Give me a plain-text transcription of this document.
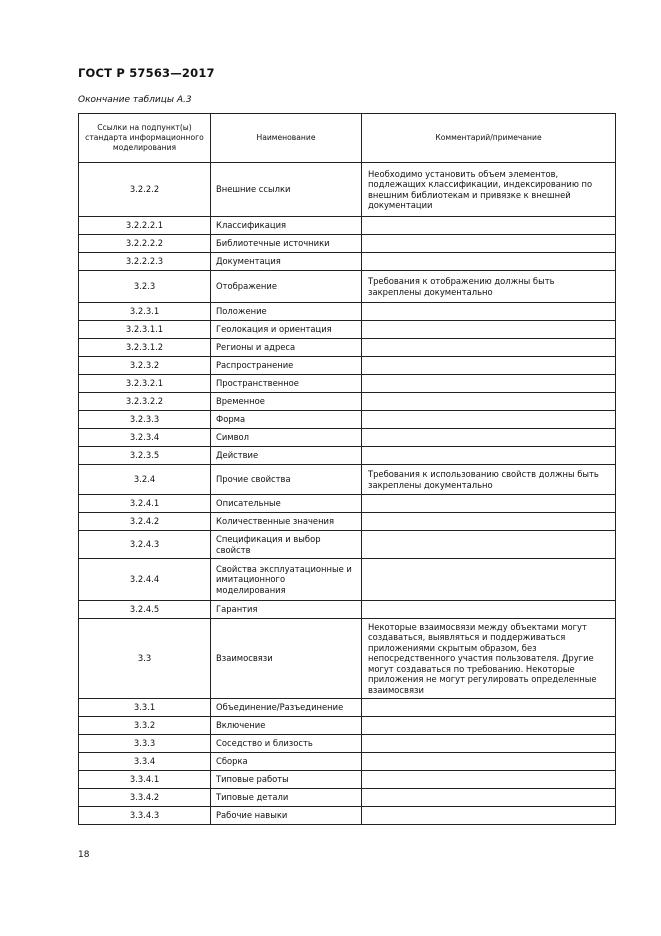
ГОСТ Р 57563—2017
Окончание таблицы А.3
Ссылки на подпункт(ы) стандарта информационного моделирования	Наименование	Комментарий/примечание
3.2.2.2	Внешние ссылки	Необходимо установить объем элементов, подлежащих классификации, индексированию по внешним библиотекам и привязке к внешней документации
3.2.2.2.1	Классификация	
3.2.2.2.2	Библиотечные источники	
3.2.2.2.3	Документация	
3.2.3	Отображение	Требования к отображению должны быть закреплены документально
3.2.3.1	Положение	
3.2.3.1.1	Геолокация и ориентация	
3.2.3.1.2	Регионы и адреса	
3.2.3.2	Распространение	
3.2.3.2.1	Пространственное	
3.2.3.2.2	Временное	
3.2.3.3	Форма	
3.2.3.4	Символ	
3.2.3.5	Действие	
3.2.4	Прочие свойства	Требования к использованию свойств должны быть закреплены документально
3.2.4.1	Описательные	
3.2.4.2	Количественные значения	
3.2.4.3	Спецификация и выбор свойств	
3.2.4.4	Свойства эксплуатационные и имитационного моделирования	
3.2.4.5	Гарантия	
3.3	Взаимосвязи	Некоторые взаимосвязи между объектами могут создаваться, выявляться и поддерживаться приложениями скрытым образом, без непосредственного участия пользователя. Другие могут создаваться по требованию. Некоторые приложения не могут регулировать определенные взаимосвязи
3.3.1	Объединение/Разъединение	
3.3.2	Включение	
3.3.3	Соседство и близость	
3.3.4	Сборка	
3.3.4.1	Типовые работы	
3.3.4.2	Типовые детали	
3.3.4.3	Рабочие навыки	
18
